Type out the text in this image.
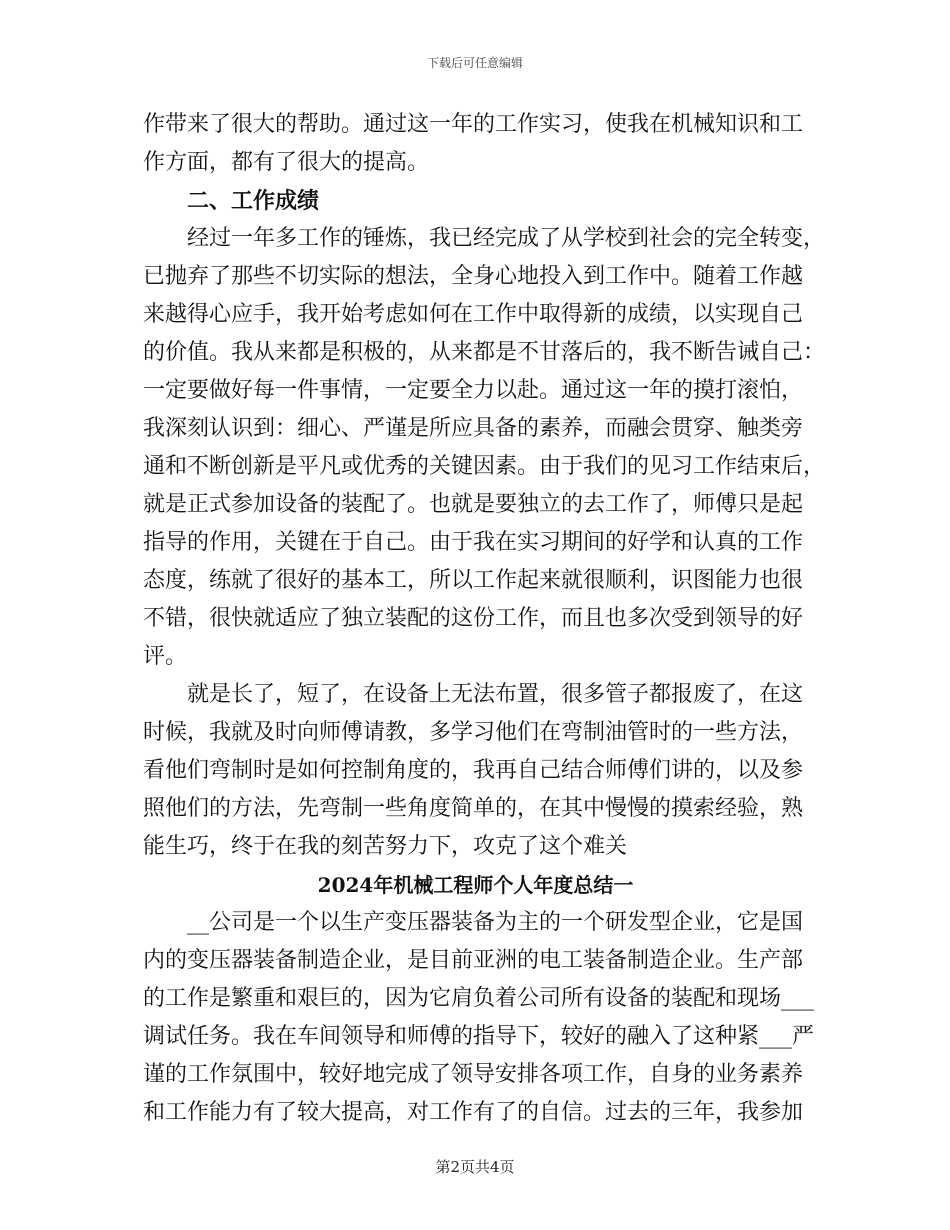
下载后可任意编辑
作带来了很大的帮助。通过这一年的工作实习，使我在机械知识和工
作方面，都有了很大的提高。
二、工作成绩
经过一年多工作的锤炼，我已经完成了从学校到社会的完全转变，
已抛弃了那些不切实际的想法，全身心地投入到工作中。随着工作越
来越得心应手，我开始考虑如何在工作中取得新的成绩，以实现自己
的价值。我从来都是积极的，从来都是不甘落后的，我不断告诫自己：
一定要做好每一件事情，一定要全力以赴。通过这一年的摸打滚怕，
我深刻认识到：细心、严谨是所应具备的素养，而融会贯穿、触类旁
通和不断创新是平凡或优秀的关键因素。由于我们的见习工作结束后，
就是正式参加设备的装配了。也就是要独立的去工作了，师傅只是起
指导的作用，关键在于自己。由于我在实习期间的好学和认真的工作
态度，练就了很好的基本工，所以工作起来就很顺利，识图能力也很
不错，很快就适应了独立装配的这份工作，而且也多次受到领导的好
评。
就是长了，短了，在设备上无法布置，很多管子都报废了，在这
时候，我就及时向师傅请教，多学习他们在弯制油管时的一些方法，
看他们弯制时是如何控制角度的，我再自己结合师傅们讲的，以及参
照他们的方法，先弯制一些角度简单的，在其中慢慢的摸索经验，熟
能生巧，终于在我的刻苦努力下，攻克了这个难关
2024年机械工程师个人年度总结一
__公司是一个以生产变压器装备为主的一个研发型企业，它是国
内的变压器装备制造企业，是目前亚洲的电工装备制造企业。生产部
的工作是繁重和艰巨的，因为它肩负着公司所有设备的装配和现场___
调试任务。我在车间领导和师傅的指导下，较好的融入了这种紧___严
谨的工作氛围中，较好地完成了领导安排各项工作，自身的业务素养
和工作能力有了较大提高，对工作有了的自信。过去的三年，我参加
第2页共4页
